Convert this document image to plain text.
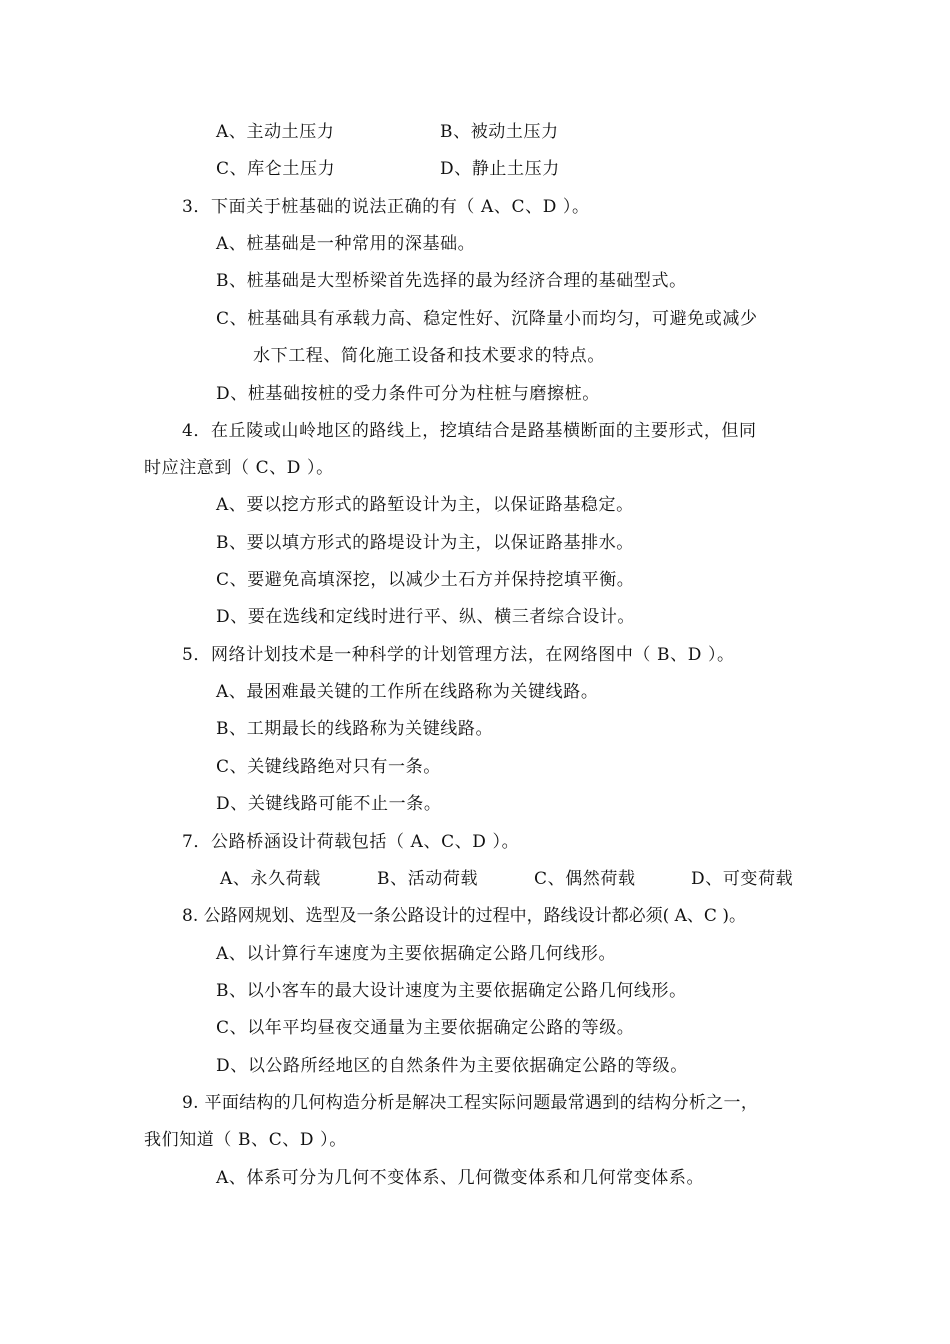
A、主动土压力	B、被动土压力
C、库仑土压力	D、静止土压力
3．下面关于桩基础的说法正确的有（ A、C、D ）。
A、桩基础是一种常用的深基础。
B、桩基础是大型桥梁首先选择的最为经济合理的基础型式。
C、桩基础具有承载力高、稳定性好、沉降量小而均匀，可避免或减少
水下工程、简化施工设备和技术要求的特点。
D、桩基础按桩的受力条件可分为柱桩与磨擦桩。
4．在丘陵或山岭地区的路线上，挖填结合是路基横断面的主要形式，但同
时应注意到（ C、D ）。
A、要以挖方形式的路堑设计为主，以保证路基稳定。
B、要以填方形式的路堤设计为主，以保证路基排水。
C、要避免高填深挖，以减少土石方并保持挖填平衡。
D、要在选线和定线时进行平、纵、横三者综合设计。
5．网络计划技术是一种科学的计划管理方法，在网络图中（ B、D ）。
A、最困难最关键的工作所在线路称为关键线路。
B、工期最长的线路称为关键线路。
C、关键线路绝对只有一条。
D、关键线路可能不止一条。
7．公路桥涵设计荷载包括（ A、C、D ）。
A、永久荷载	B、活动荷载	C、偶然荷载	D、可变荷载
8. 公路网规划、选型及一条公路设计的过程中，路线设计都必须( A、C )。
A、以计算行车速度为主要依据确定公路几何线形。
B、以小客车的最大设计速度为主要依据确定公路几何线形。
C、以年平均昼夜交通量为主要依据确定公路的等级。
D、以公路所经地区的自然条件为主要依据确定公路的等级。
9. 平面结构的几何构造分析是解决工程实际问题最常遇到的结构分析之一，
我们知道（ B、C、D ）。
A、体系可分为几何不变体系、几何微变体系和几何常变体系。
